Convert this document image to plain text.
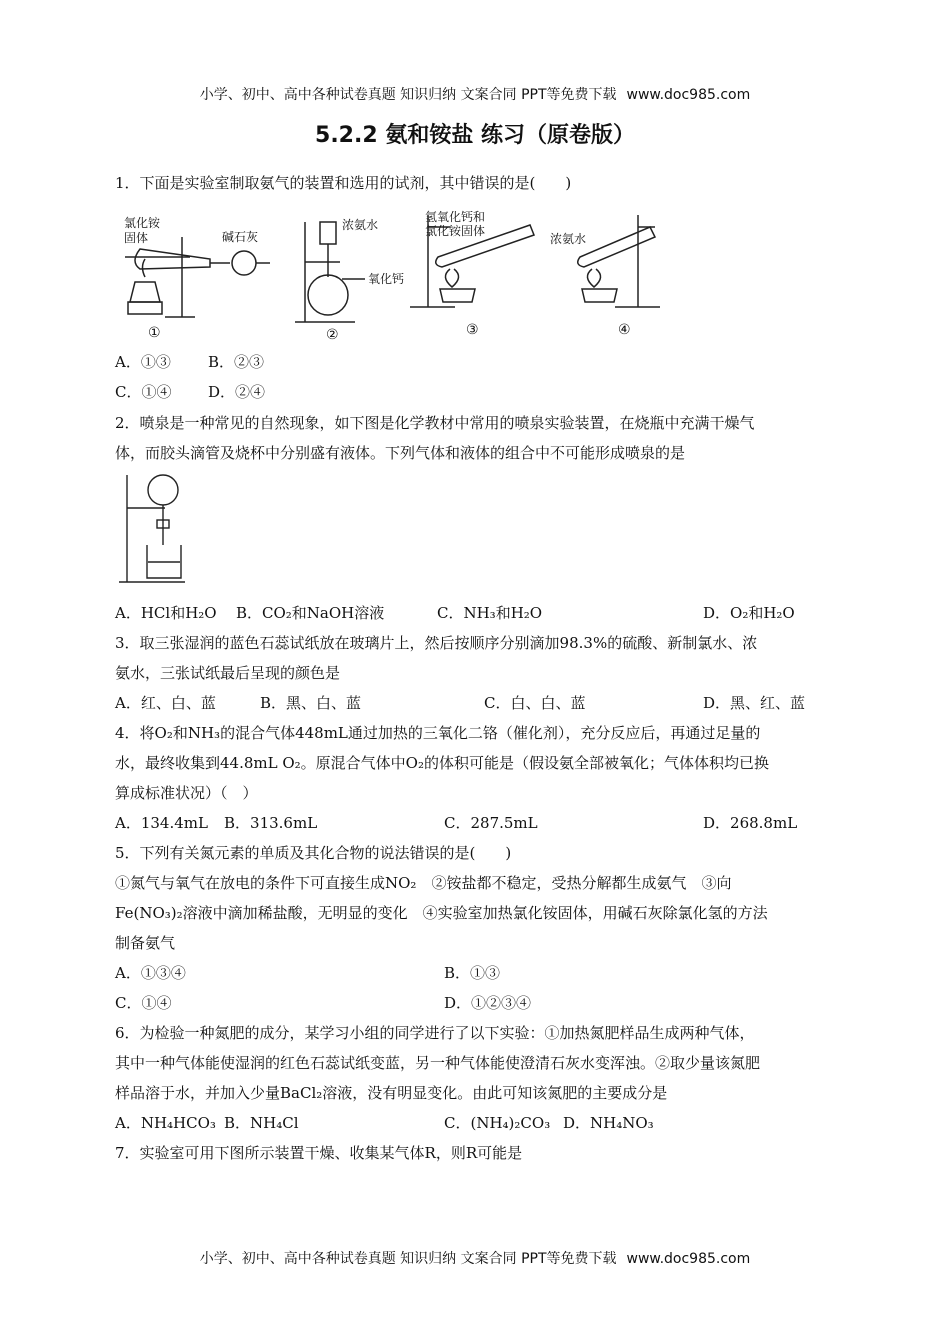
小学、初中、高中各种试卷真题 知识归纳 文案合同 PPT等免费下载 www.doc985.com
5.2.2 氨和铵盐 练习（原卷版）
1．下面是实验室制取氨气的装置和选用的试剂，其中错误的是(　　)
氯化铵
固体	碱石灰
浓氨水
氧化钙
氢氧化钙和
氯化铵固体
浓氨水
①	②	③	④
A．①③ B．②③
C．①④ D．②④
2．喷泉是一种常见的自然现象，如下图是化学教材中常用的喷泉实验装置，在烧瓶中充满干燥气
体，而胶头滴管及烧杯中分别盛有液体。下列气体和液体的组合中不可能形成喷泉的是
A．HCl和H₂O B．CO₂和NaOH溶液	C．NH₃和H₂O	D．O₂和H₂O
3．取三张湿润的蓝色石蕊试纸放在玻璃片上，然后按顺序分别滴加98.3%的硫酸、新制氯水、浓
氨水，三张试纸最后呈现的颜色是
A．红、白、蓝	B．黑、白、蓝	C．白、白、蓝	D．黑、红、蓝
4．将O₂和NH₃的混合气体448mL通过加热的三氧化二铬（催化剂），充分反应后，再通过足量的
水，最终收集到44.8mL O₂。原混合气体中O₂的体积可能是（假设氨全部被氧化；气体体积均已换
算成标准状况）（　）
A．134.4mL B．313.6mL	C．287.5mL	D．268.8mL
5．下列有关氮元素的单质及其化合物的说法错误的是(　　)
①氮气与氧气在放电的条件下可直接生成NO₂　②铵盐都不稳定，受热分解都生成氨气　③向
Fe(NO₃)₂溶液中滴加稀盐酸，无明显的变化　④实验室加热氯化铵固体，用碱石灰除氯化氢的方法
制备氨气
A．①③④	B．①③
C．①④	D．①②③④
6．为检验一种氮肥的成分，某学习小组的同学进行了以下实验：①加热氮肥样品生成两种气体，
其中一种气体能使湿润的红色石蕊试纸变蓝，另一种气体能使澄清石灰水变浑浊。②取少量该氮肥
样品溶于水，并加入少量BaCl₂溶液，没有明显变化。由此可知该氮肥的主要成分是
A．NH₄HCO₃ B．NH₄Cl	C．(NH₄)₂CO₃ D．NH₄NO₃
7．实验室可用下图所示装置干燥、收集某气体R，则R可能是
小学、初中、高中各种试卷真题 知识归纳 文案合同 PPT等免费下载 www.doc985.com
